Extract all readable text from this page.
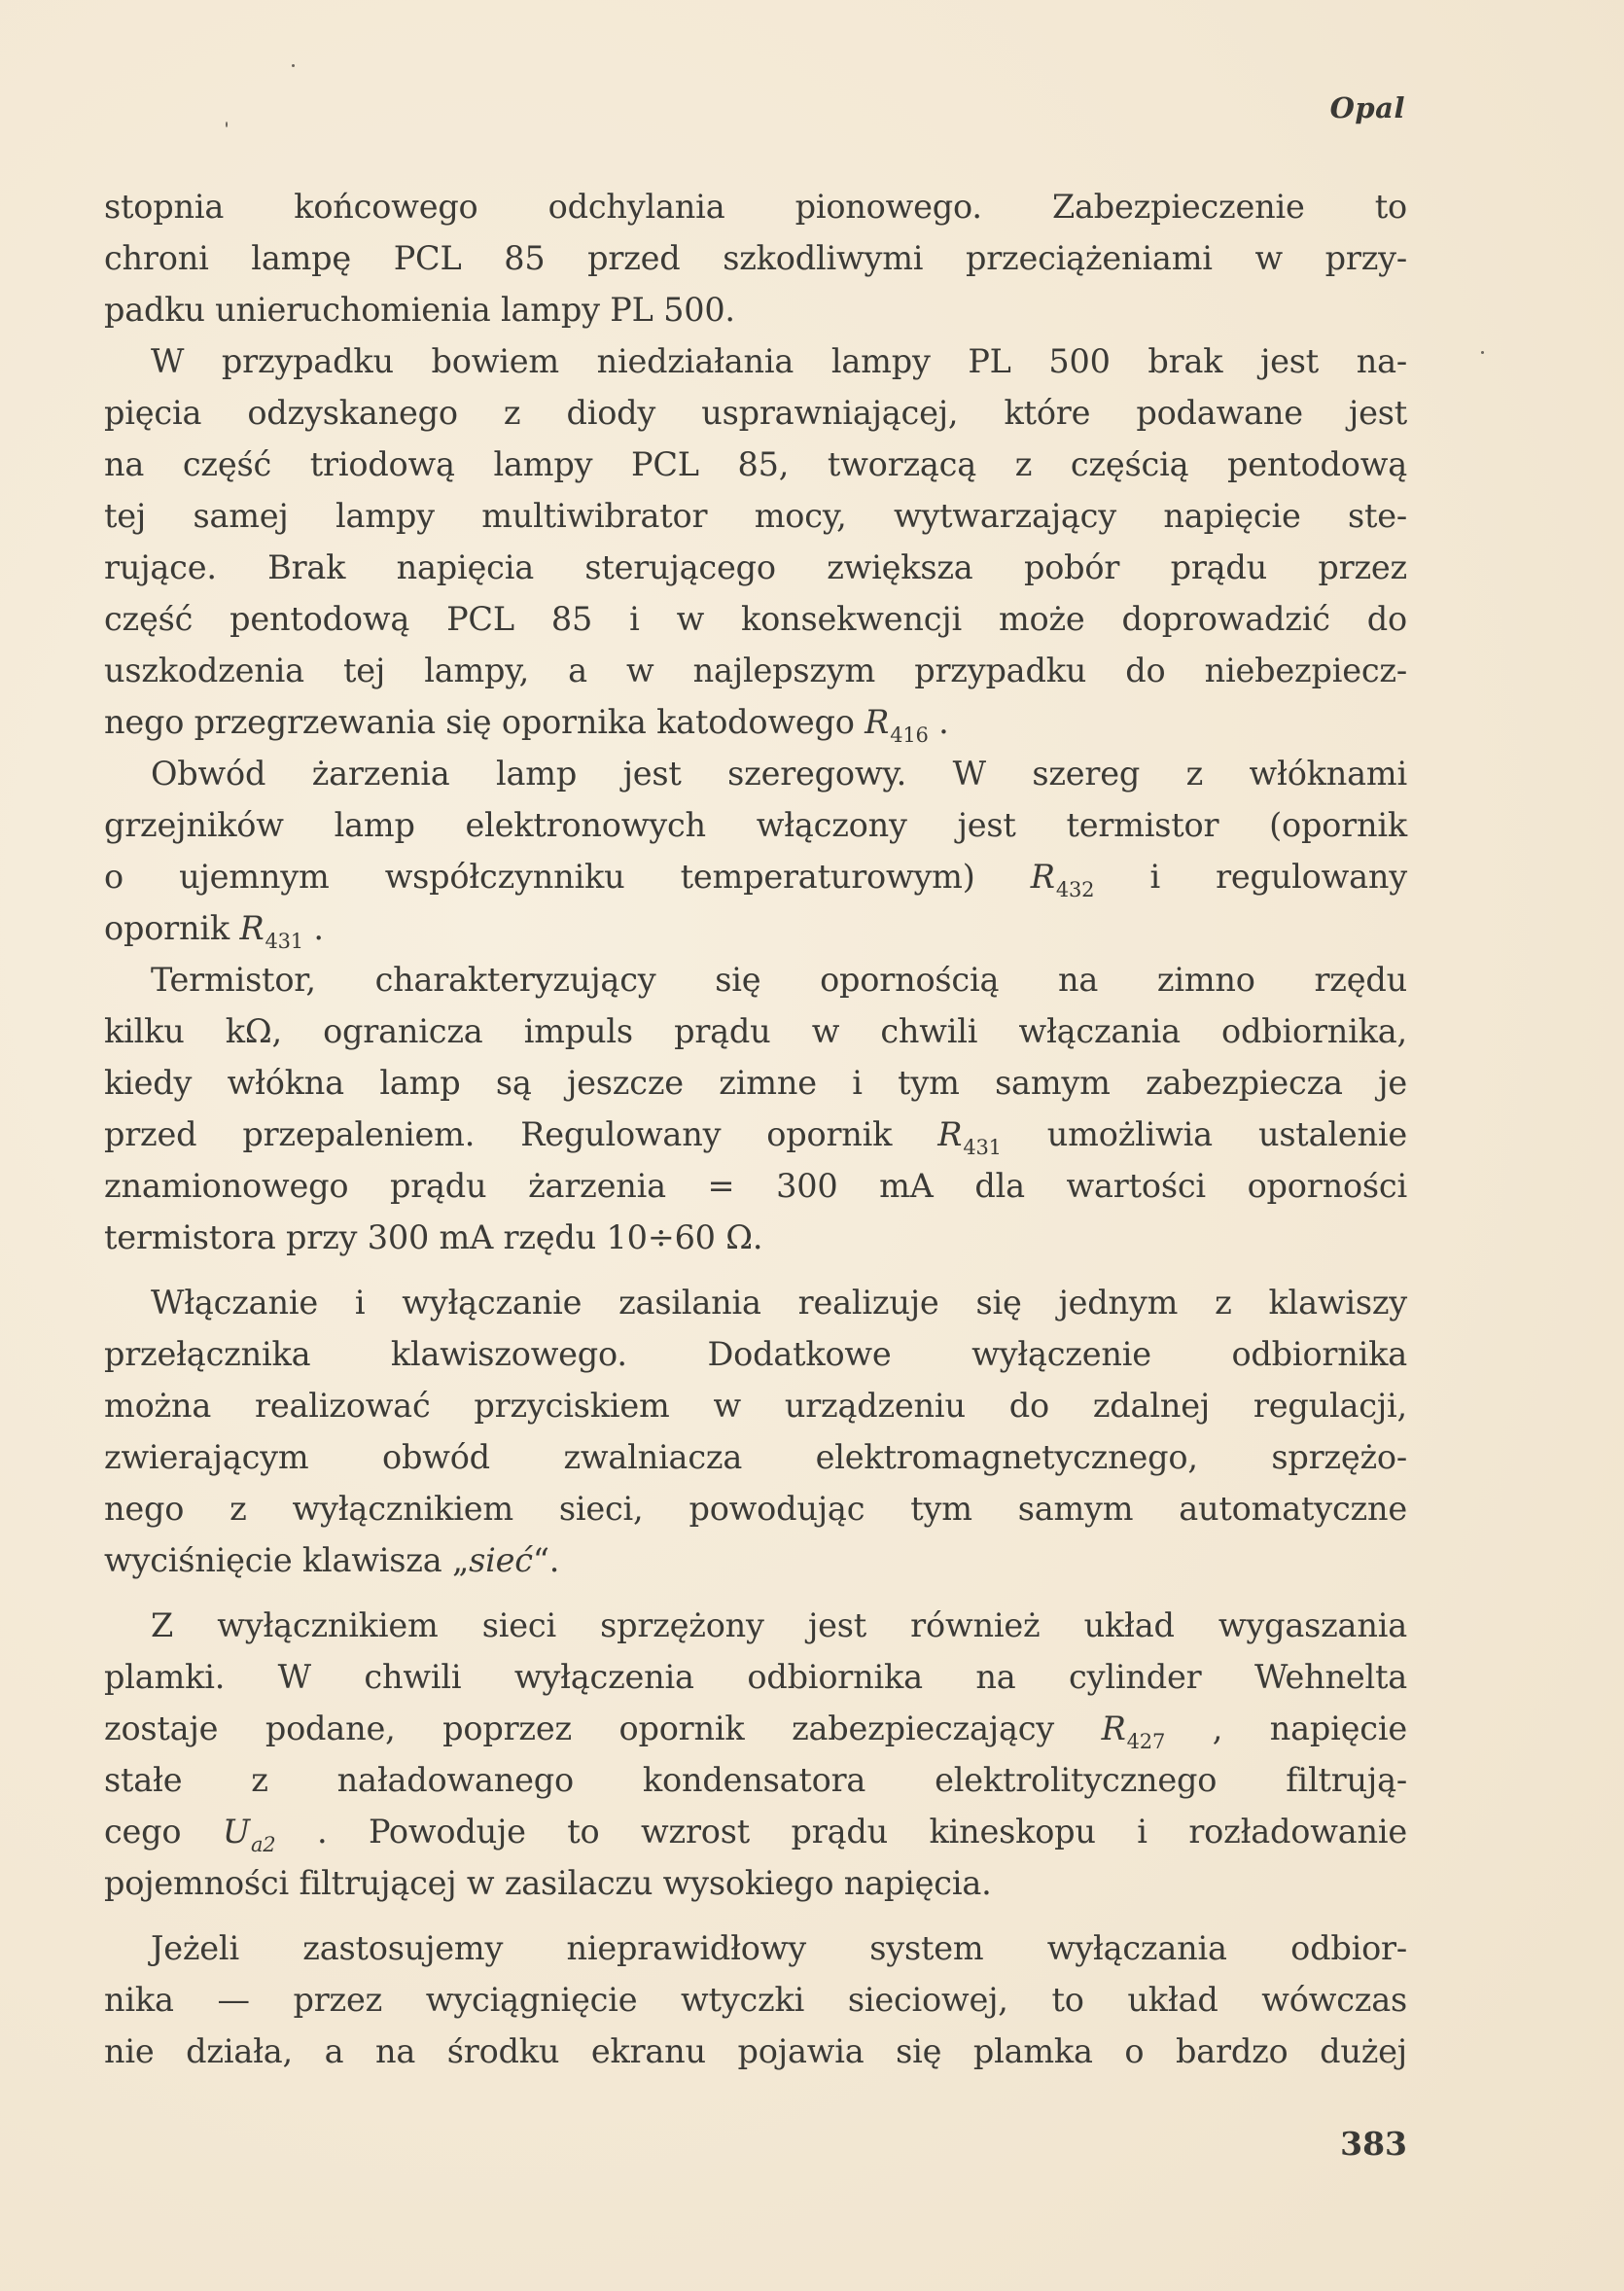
Opal
stopnia końcowego odchylania pionowego. Zabezpieczenie to
chroni lampę PCL 85 przed szkodliwymi przeciążeniami w przy-
padku unieruchomienia lampy PL 500.
W przypadku bowiem niedziałania lampy PL 500 brak jest na-
pięcia odzyskanego z diody usprawniającej, które podawane jest
na część triodową lampy PCL 85, tworzącą z częścią pentodową
tej samej lampy multiwibrator mocy, wytwarzający napięcie ste-
rujące. Brak napięcia sterującego zwiększa pobór prądu przez
część pentodową PCL 85 i w konsekwencji może doprowadzić do
uszkodzenia tej lampy, a w najlepszym przypadku do niebezpiecz-
nego przegrzewania się opornika katodowego $R_{416}$ .
Obwód żarzenia lamp jest szeregowy. W szereg z włóknami
grzejników lamp elektronowych włączony jest termistor (opornik
o ujemnym współczynniku temperaturowym) $R_{432}$ i regulowany
opornik $R_{431}$ .
Termistor, charakteryzujący się opornością na zimno rzędu
kilku kΩ, ogranicza impuls prądu w chwili włączania odbiornika,
kiedy włókna lamp są jeszcze zimne i tym samym zabezpiecza je
przed przepaleniem. Regulowany opornik $R_{431}$ umożliwia ustalenie
znamionowego prądu żarzenia = 300 mA dla wartości oporności
termistora przy 300 mA rzędu 10÷60 Ω.
Włączanie i wyłączanie zasilania realizuje się jednym z klawiszy
przełącznika klawiszowego. Dodatkowe wyłączenie odbiornika
można realizować przyciskiem w urządzeniu do zdalnej regulacji,
zwierającym obwód zwalniacza elektromagnetycznego, sprzężo-
nego z wyłącznikiem sieci, powodując tym samym automatyczne
wyciśnięcie klawisza „sieć“.
Z wyłącznikiem sieci sprzężony jest również układ wygaszania
plamki. W chwili wyłączenia odbiornika na cylinder Wehnelta
zostaje podane, poprzez opornik zabezpieczający $R_{427}$ , napięcie
stałe z naładowanego kondensatora elektrolitycznego filtrują-
cego $U_{a2}$ . Powoduje to wzrost prądu kineskopu i rozładowanie
pojemności filtrującej w zasilaczu wysokiego napięcia.
Jeżeli zastosujemy nieprawidłowy system wyłączania odbior-
nika — przez wyciągnięcie wtyczki sieciowej, to układ wówczas
nie działa, a na środku ekranu pojawia się plamka o bardzo dużej
383
